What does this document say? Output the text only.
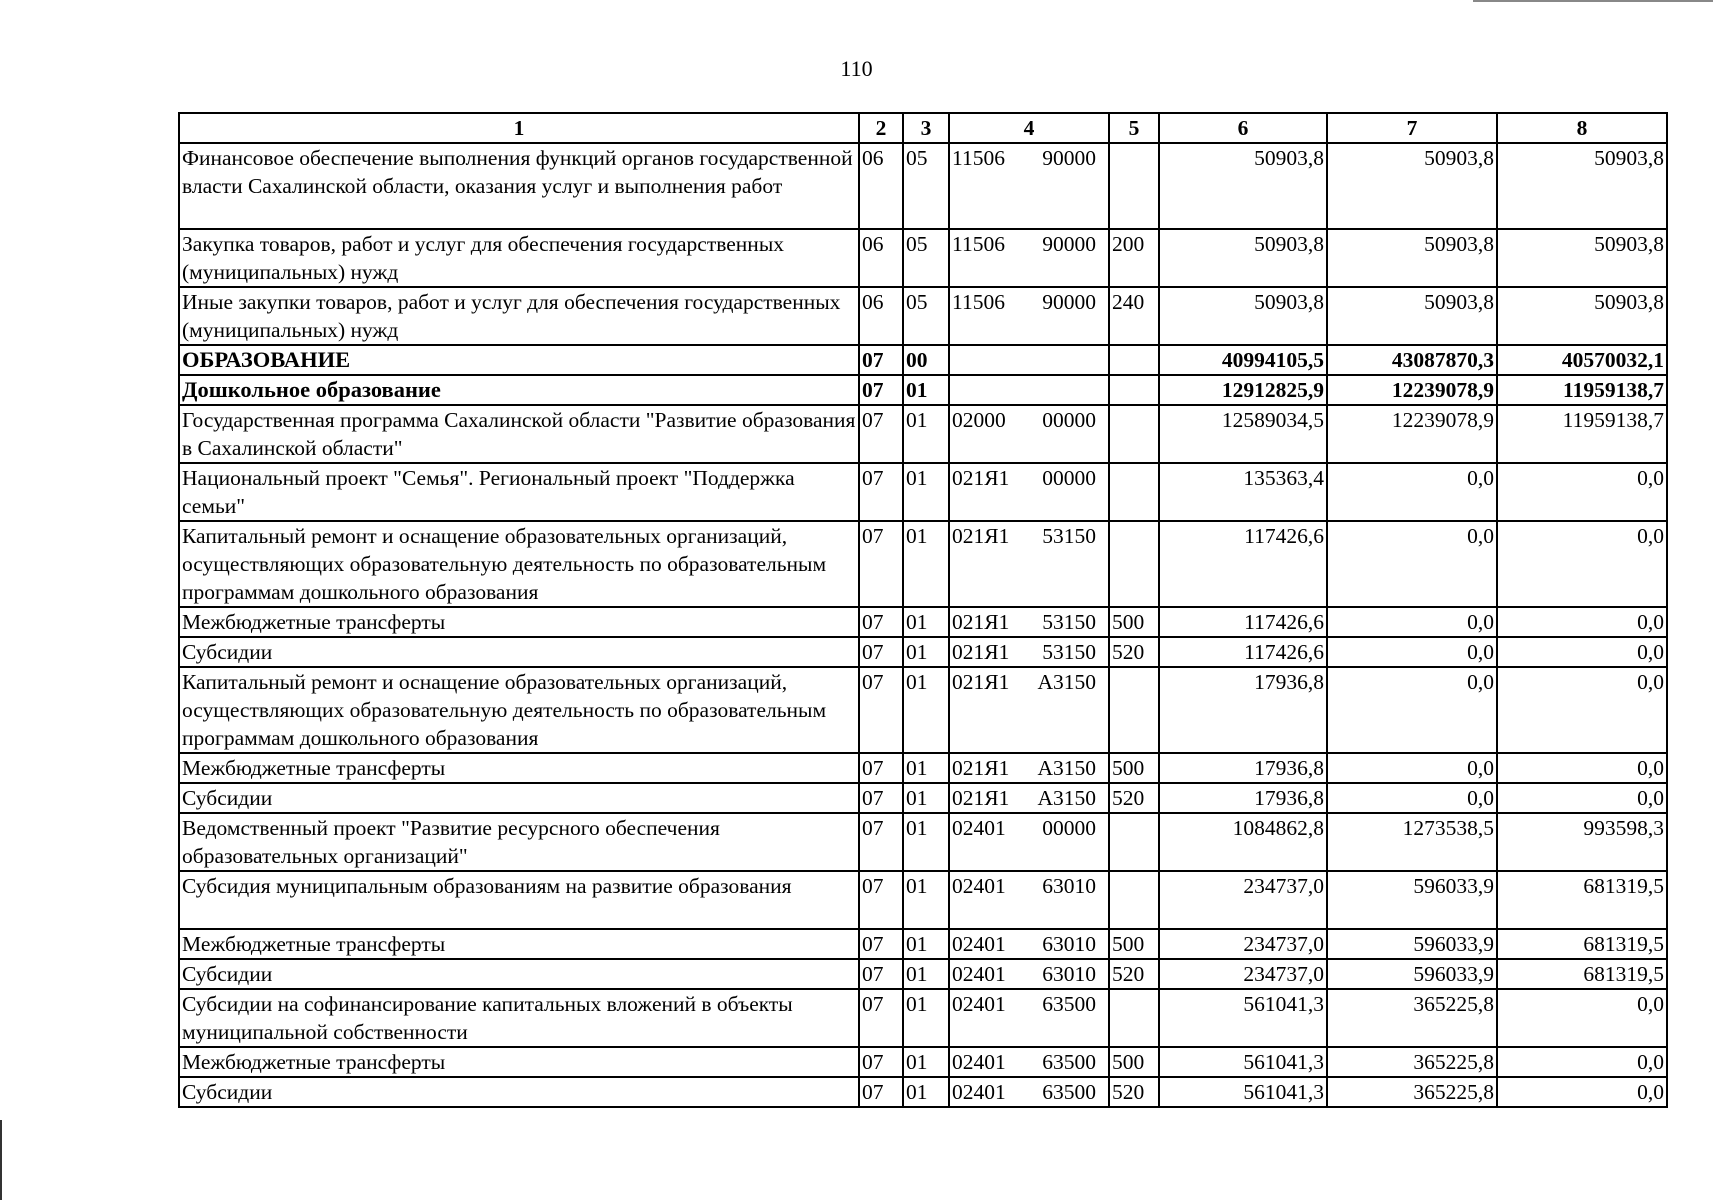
110
1	2	3	4	5	6	7	8
Финансовое обеспечение выполнения функций органов государственной власти Сахалинской области, оказания услуг и выполнения работ	06	05	11506 90000		50903,8	50903,8	50903,8
Закупка товаров, работ и услуг для обеспечения государственных (муниципальных) нужд	06	05	11506 90000	200	50903,8	50903,8	50903,8
Иные закупки товаров, работ и услуг для обеспечения государственных (муниципальных) нужд	06	05	11506 90000	240	50903,8	50903,8	50903,8
ОБРАЗОВАНИЕ	07	00			40994105,5	43087870,3	40570032,1
Дошкольное образование	07	01			12912825,9	12239078,9	11959138,7
Государственная программа Сахалинской области "Развитие образования в Сахалинской области"	07	01	02000 00000		12589034,5	12239078,9	11959138,7
Национальный проект "Семья". Региональный проект "Поддержка семьи"	07	01	021Я1 00000		135363,4	0,0	0,0
Капитальный ремонт и оснащение образовательных организаций, осуществляющих образовательную деятельность по образовательным программам дошкольного образования	07	01	021Я1 53150		117426,6	0,0	0,0
Межбюджетные трансферты	07	01	021Я1 53150	500	117426,6	0,0	0,0
Субсидии	07	01	021Я1 53150	520	117426,6	0,0	0,0
Капитальный ремонт и оснащение образовательных организаций, осуществляющих образовательную деятельность по образовательным программам дошкольного образования	07	01	021Я1 А3150		17936,8	0,0	0,0
Межбюджетные трансферты	07	01	021Я1 А3150	500	17936,8	0,0	0,0
Субсидии	07	01	021Я1 А3150	520	17936,8	0,0	0,0
Ведомственный проект "Развитие ресурсного обеспечения образовательных организаций"	07	01	02401 00000		1084862,8	1273538,5	993598,3
Субсидия муниципальным образованиям на развитие образования	07	01	02401 63010		234737,0	596033,9	681319,5
Межбюджетные трансферты	07	01	02401 63010	500	234737,0	596033,9	681319,5
Субсидии	07	01	02401 63010	520	234737,0	596033,9	681319,5
Субсидии на софинансирование капитальных вложений в объекты муниципальной собственности	07	01	02401 63500		561041,3	365225,8	0,0
Межбюджетные трансферты	07	01	02401 63500	500	561041,3	365225,8	0,0
Субсидии	07	01	02401 63500	520	561041,3	365225,8	0,0
